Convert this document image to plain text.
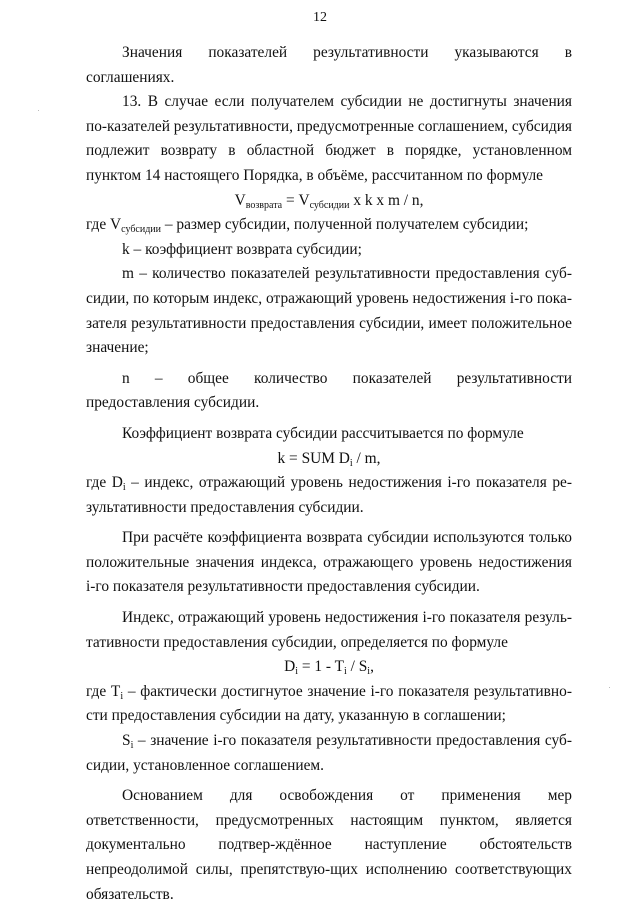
12

Значения показателей результативности указываются в соглашениях.

13. В случае если получателем субсидии не достигнуты значения по-казателей результативности, предусмотренные соглашением, субсидия подлежит возврату в областной бюджет в порядке, установленном пунктом 14 настоящего Порядка, в объёме, рассчитанном по формуле

$V_{возврата} = V_{субсидии}$ x k x m / n,

где $V_{субсидии}$ – размер субсидии, полученной получателем субсидии;

k – коэффициент возврата субсидии;

m – количество показателей результативности предоставления суб-сидии, по которым индекс, отражающий уровень недостижения i-го пока-зателя результативности предоставления субсидии, имеет положительное значение;

n – общее количество показателей результативности предоставления субсидии.

Коэффициент возврата субсидии рассчитывается по формуле

k = SUM $D_i$ / m,

где $D_i$ – индекс, отражающий уровень недостижения i-го показателя ре-зультативности предоставления субсидии.

При расчёте коэффициента возврата субсидии используются только положительные значения индекса, отражающего уровень недостижения i-го показателя результативности предоставления субсидии.

Индекс, отражающий уровень недостижения i-го показателя резуль-тативности предоставления субсидии, определяется по формуле

$D_i = 1 - T_i / S_i$,

где $T_i$ – фактически достигнутое значение i-го показателя результативно-сти предоставления субсидии на дату, указанную в соглашении;

$S_i$ – значение i-го показателя результативности предоставления суб-сидии, установленное соглашением.

Основанием для освобождения от применения мер ответственности, предусмотренных настоящим пунктом, является документально подтвер-ждённое наступление обстоятельств непреодолимой силы, препятствую-щих исполнению соответствующих обязательств.
